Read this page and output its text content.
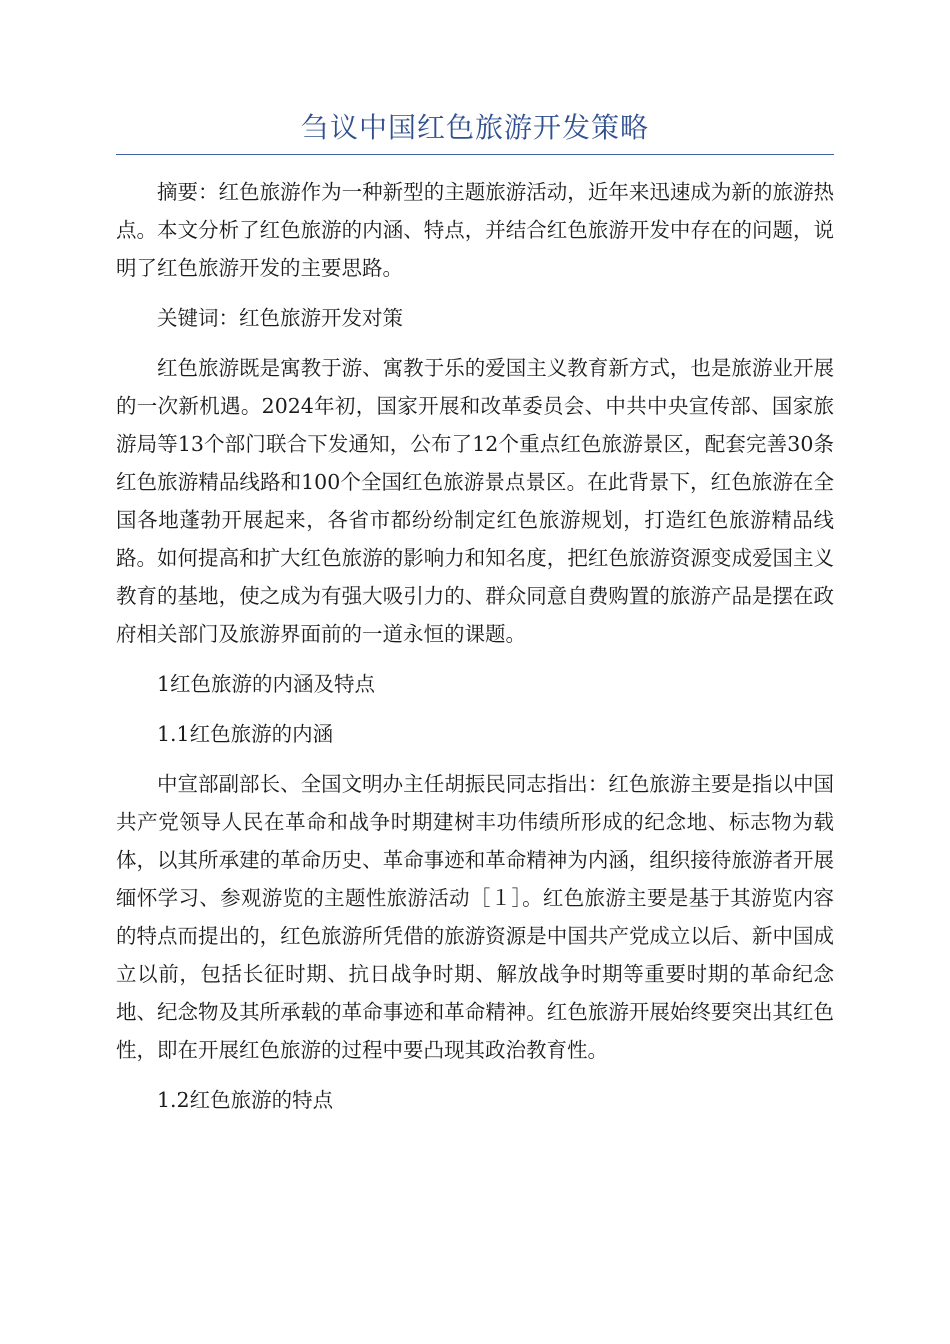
刍议中国红色旅游开发策略

摘要：红色旅游作为一种新型的主题旅游活动，近年来迅速成为新的旅游热点。本文分析了红色旅游的内涵、特点，并结合红色旅游开发中存在的问题，说明了红色旅游开发的主要思路。

关键词：红色旅游开发对策

红色旅游既是寓教于游、寓教于乐的爱国主义教育新方式，也是旅游业开展的一次新机遇。2024年初，国家开展和改革委员会、中共中央宣传部、国家旅游局等13个部门联合下发通知，公布了12个重点红色旅游景区，配套完善30条红色旅游精品线路和100个全国红色旅游景点景区。在此背景下，红色旅游在全国各地蓬勃开展起来，各省市都纷纷制定红色旅游规划，打造红色旅游精品线路。如何提高和扩大红色旅游的影响力和知名度，把红色旅游资源变成爱国主义教育的基地，使之成为有强大吸引力的、群众同意自费购置的旅游产品是摆在政府相关部门及旅游界面前的一道永恒的课题。

1红色旅游的内涵及特点

1.1红色旅游的内涵

中宣部副部长、全国文明办主任胡振民同志指出：红色旅游主要是指以中国共产党领导人民在革命和战争时期建树丰功伟绩所形成的纪念地、标志物为载体，以其所承建的革命历史、革命事迹和革命精神为内涵，组织接待旅游者开展缅怀学习、参观游览的主题性旅游活动［１］。红色旅游主要是基于其游览内容的特点而提出的，红色旅游所凭借的旅游资源是中国共产党成立以后、新中国成立以前，包括长征时期、抗日战争时期、解放战争时期等重要时期的革命纪念地、纪念物及其所承载的革命事迹和革命精神。红色旅游开展始终要突出其红色性，即在开展红色旅游的过程中要凸现其政治教育性。

1.2红色旅游的特点
